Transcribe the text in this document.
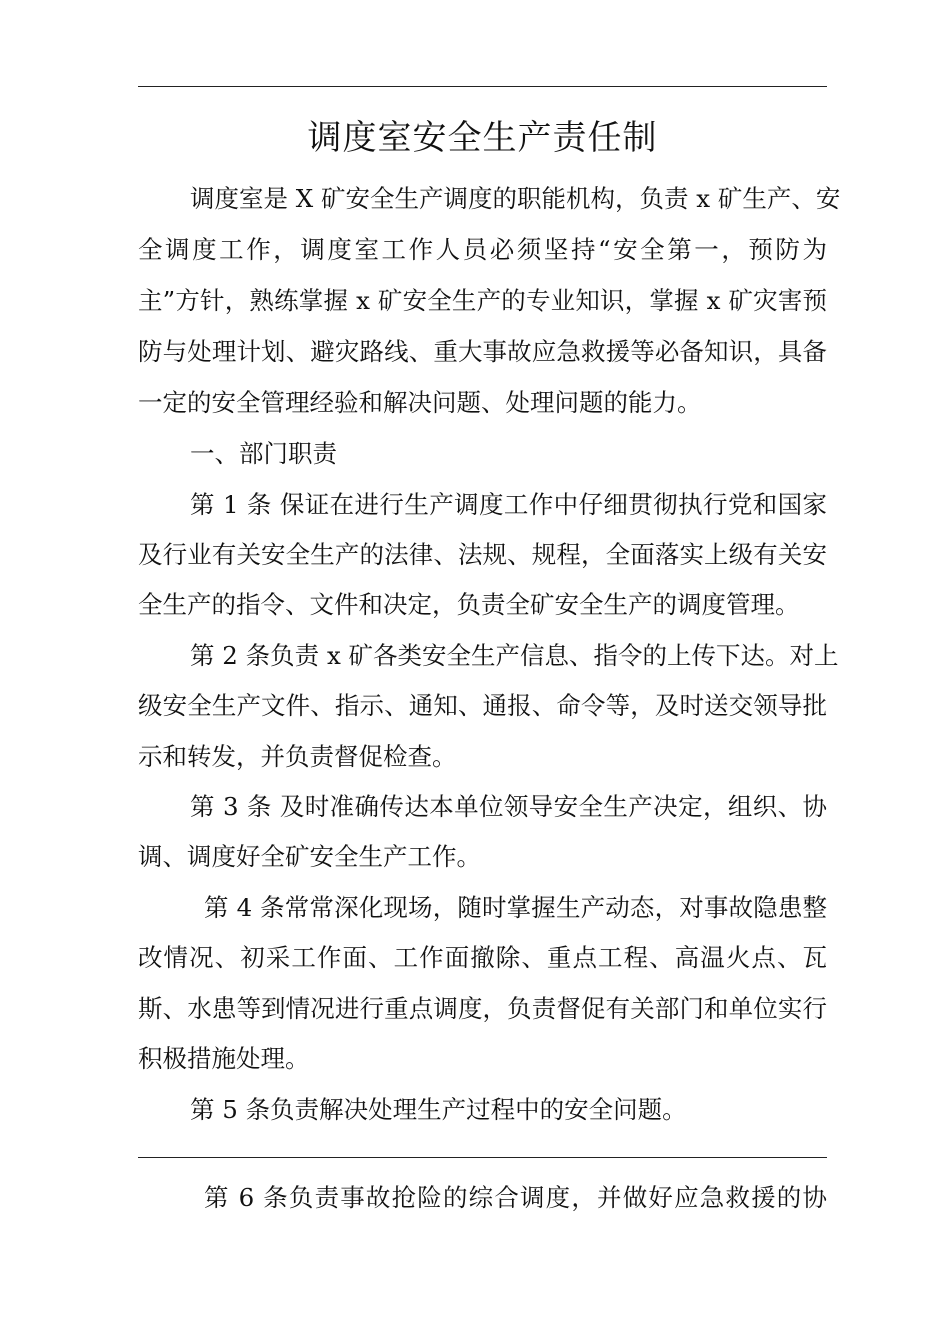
调度室安全生产责任制
调度室是 X 矿安全生产调度的职能机构，负责 x 矿生产、安
全调度工作，调度室工作人员必须坚持“安全第一，预防为
主”方针，熟练掌握 x 矿安全生产的专业知识，掌握 x 矿灾害预
防与处理计划、避灾路线、重大事故应急救援等必备知识，具备
一定的安全管理经验和解决问题、处理问题的能力。
一、部门职责
第 1 条 保证在进行生产调度工作中仔细贯彻执行党和国家
及行业有关安全生产的法律、法规、规程，全面落实上级有关安
全生产的指令、文件和决定，负责全矿安全生产的调度管理。
第 2 条负责 x 矿各类安全生产信息、指令的上传下达。对上
级安全生产文件、指示、通知、通报、命令等，及时送交领导批
示和转发，并负责督促检查。
第 3 条 及时准确传达本单位领导安全生产决定，组织、协
调、调度好全矿安全生产工作。
第 4 条常常深化现场，随时掌握生产动态，对事故隐患整
改情况、初采工作面、工作面撤除、重点工程、高温火点、瓦
斯、水患等到情况进行重点调度，负责督促有关部门和单位实行
积极措施处理。
第 5 条负责解决处理生产过程中的安全问题。
第 6 条负责事故抢险的综合调度，并做好应急救援的协
